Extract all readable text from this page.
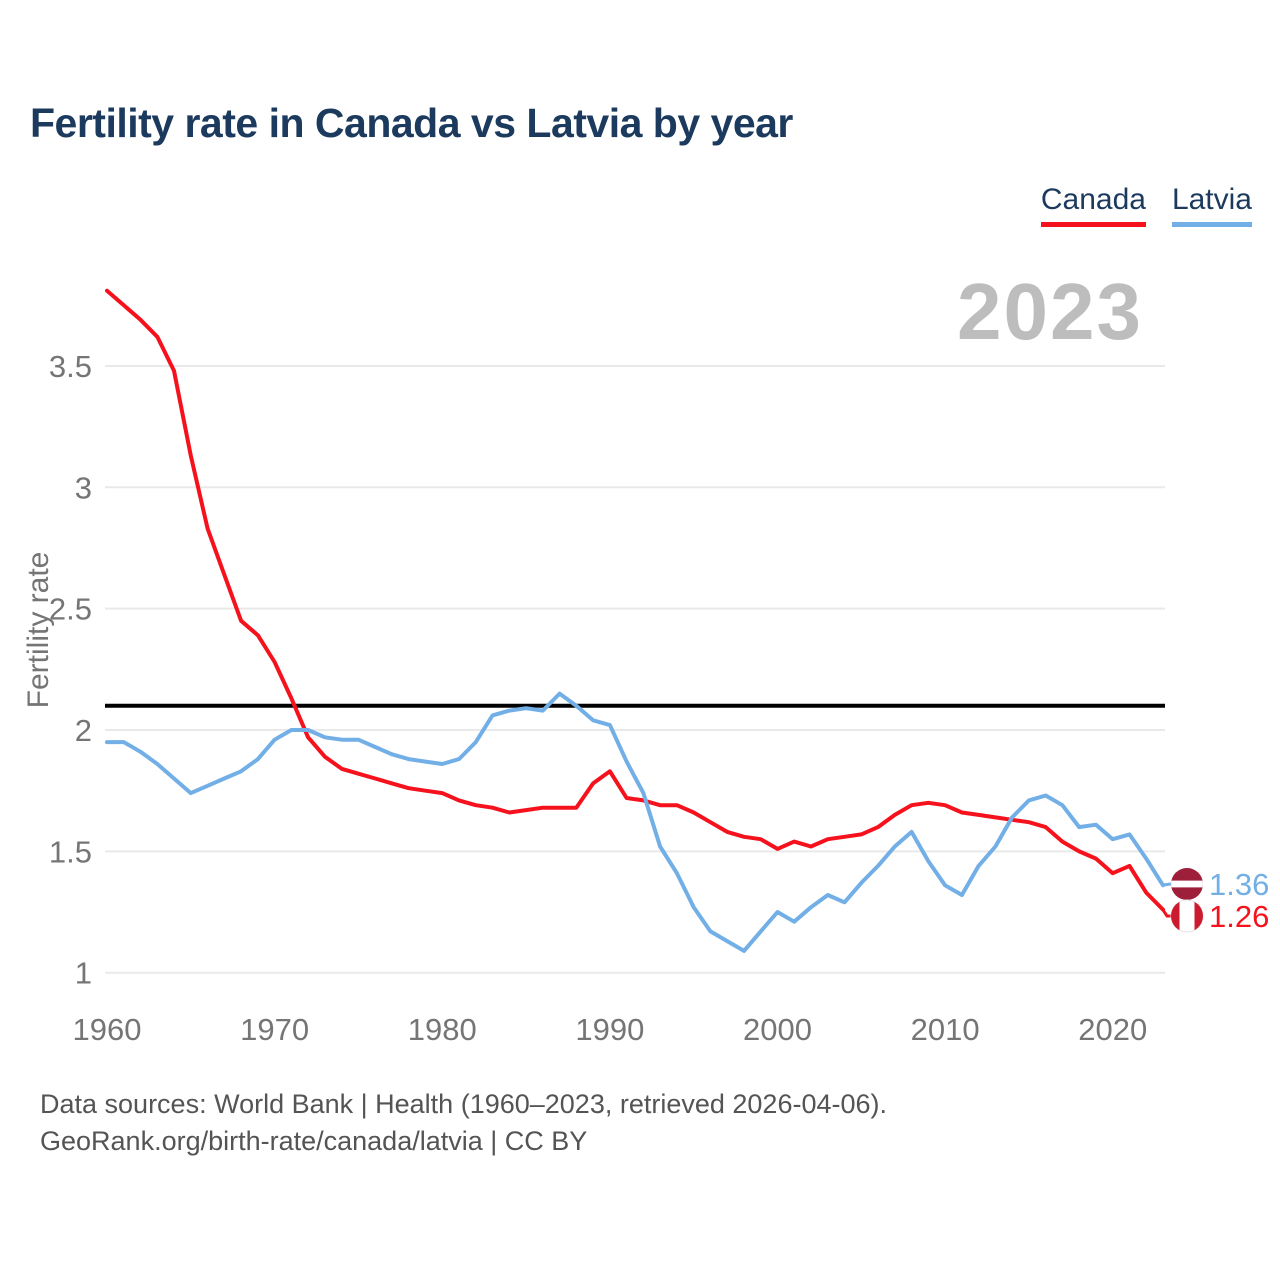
Fertility rate in Canada vs Latvia by year
Canada Latvia
2023
3.5
3
2.5
2
1.5
1
1960	1970	1980	1990	2000	2010	2020
Fertility rate
1.36
1.26
Data sources: World Bank | Health (1960–2023, retrieved 2026-04-06).
GeoRank.org/birth-rate/canada/latvia | CC BY
